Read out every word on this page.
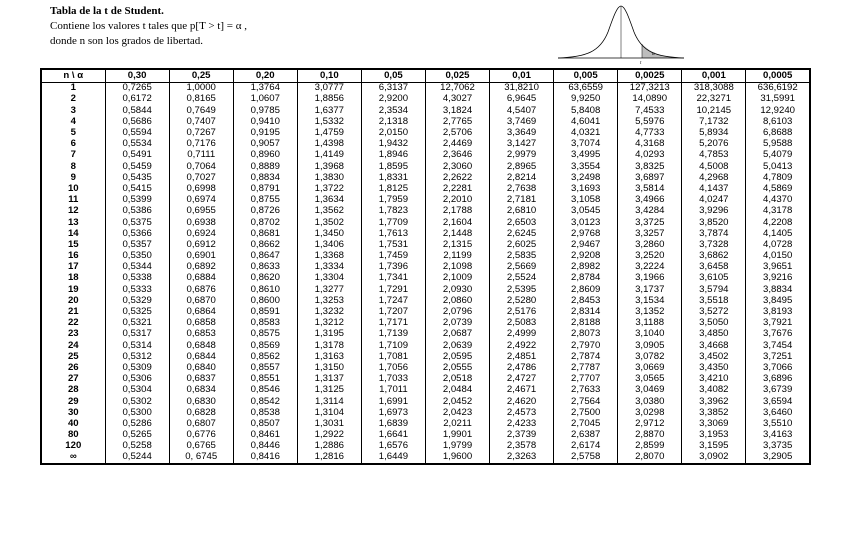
Tabla de la t de Student.
Contiene los valores t tales que p[T > t] = α ,
donde n son los grados de libertad.
t
α
n \ α	0,30	0,25	0,20	0,10	0,05	0,025	0,01	0,005	0,0025	0,001	0,0005
1	0,7265	1,0000	1,3764	3,0777	6,3137	12,7062	31,8210	63,6559	127,3213	318,3088	636,6192
2	0,6172	0,8165	1,0607	1,8856	2,9200	4,3027	6,9645	9,9250	14,0890	22,3271	31,5991
3	0,5844	0,7649	0,9785	1,6377	2,3534	3,1824	4,5407	5,8408	7,4533	10,2145	12,9240
4	0,5686	0,7407	0,9410	1,5332	2,1318	2,7765	3,7469	4,6041	5,5976	7,1732	8,6103
5	0,5594	0,7267	0,9195	1,4759	2,0150	2,5706	3,3649	4,0321	4,7733	5,8934	6,8688
6	0,5534	0,7176	0,9057	1,4398	1,9432	2,4469	3,1427	3,7074	4,3168	5,2076	5,9588
7	0,5491	0,7111	0,8960	1,4149	1,8946	2,3646	2,9979	3,4995	4,0293	4,7853	5,4079
8	0,5459	0,7064	0,8889	1,3968	1,8595	2,3060	2,8965	3,3554	3,8325	4,5008	5,0413
9	0,5435	0,7027	0,8834	1,3830	1,8331	2,2622	2,8214	3,2498	3,6897	4,2968	4,7809
10	0,5415	0,6998	0,8791	1,3722	1,8125	2,2281	2,7638	3,1693	3,5814	4,1437	4,5869
11	0,5399	0,6974	0,8755	1,3634	1,7959	2,2010	2,7181	3,1058	3,4966	4,0247	4,4370
12	0,5386	0,6955	0,8726	1,3562	1,7823	2,1788	2,6810	3,0545	3,4284	3,9296	4,3178
13	0,5375	0,6938	0,8702	1,3502	1,7709	2,1604	2,6503	3,0123	3,3725	3,8520	4,2208
14	0,5366	0,6924	0,8681	1,3450	1,7613	2,1448	2,6245	2,9768	3,3257	3,7874	4,1405
15	0,5357	0,6912	0,8662	1,3406	1,7531	2,1315	2,6025	2,9467	3,2860	3,7328	4,0728
16	0,5350	0,6901	0,8647	1,3368	1,7459	2,1199	2,5835	2,9208	3,2520	3,6862	4,0150
17	0,5344	0,6892	0,8633	1,3334	1,7396	2,1098	2,5669	2,8982	3,2224	3,6458	3,9651
18	0,5338	0,6884	0,8620	1,3304	1,7341	2,1009	2,5524	2,8784	3,1966	3,6105	3,9216
19	0,5333	0,6876	0,8610	1,3277	1,7291	2,0930	2,5395	2,8609	3,1737	3,5794	3,8834
20	0,5329	0,6870	0,8600	1,3253	1,7247	2,0860	2,5280	2,8453	3,1534	3,5518	3,8495
21	0,5325	0,6864	0,8591	1,3232	1,7207	2,0796	2,5176	2,8314	3,1352	3,5272	3,8193
22	0,5321	0,6858	0,8583	1,3212	1,7171	2,0739	2,5083	2,8188	3,1188	3,5050	3,7921
23	0,5317	0,6853	0,8575	1,3195	1,7139	2,0687	2,4999	2,8073	3,1040	3,4850	3,7676
24	0,5314	0,6848	0,8569	1,3178	1,7109	2,0639	2,4922	2,7970	3,0905	3,4668	3,7454
25	0,5312	0,6844	0,8562	1,3163	1,7081	2,0595	2,4851	2,7874	3,0782	3,4502	3,7251
26	0,5309	0,6840	0,8557	1,3150	1,7056	2,0555	2,4786	2,7787	3,0669	3,4350	3,7066
27	0,5306	0,6837	0,8551	1,3137	1,7033	2,0518	2,4727	2,7707	3,0565	3,4210	3,6896
28	0,5304	0,6834	0,8546	1,3125	1,7011	2,0484	2,4671	2,7633	3,0469	3,4082	3,6739
29	0,5302	0,6830	0,8542	1,3114	1,6991	2,0452	2,4620	2,7564	3,0380	3,3962	3,6594
30	0,5300	0,6828	0,8538	1,3104	1,6973	2,0423	2,4573	2,7500	3,0298	3,3852	3,6460
40	0,5286	0,6807	0,8507	1,3031	1,6839	2,0211	2,4233	2,7045	2,9712	3,3069	3,5510
80	0,5265	0,6776	0,8461	1,2922	1,6641	1,9901	2,3739	2,6387	2,8870	3,1953	3,4163
120	0,5258	0,6765	0,8446	1,2886	1,6576	1,9799	2,3578	2,6174	2,8599	3,1595	3,3735
∞	0,5244	0, 6745	0,8416	1,2816	1,6449	1,9600	2,3263	2,5758	2,8070	3,0902	3,2905
